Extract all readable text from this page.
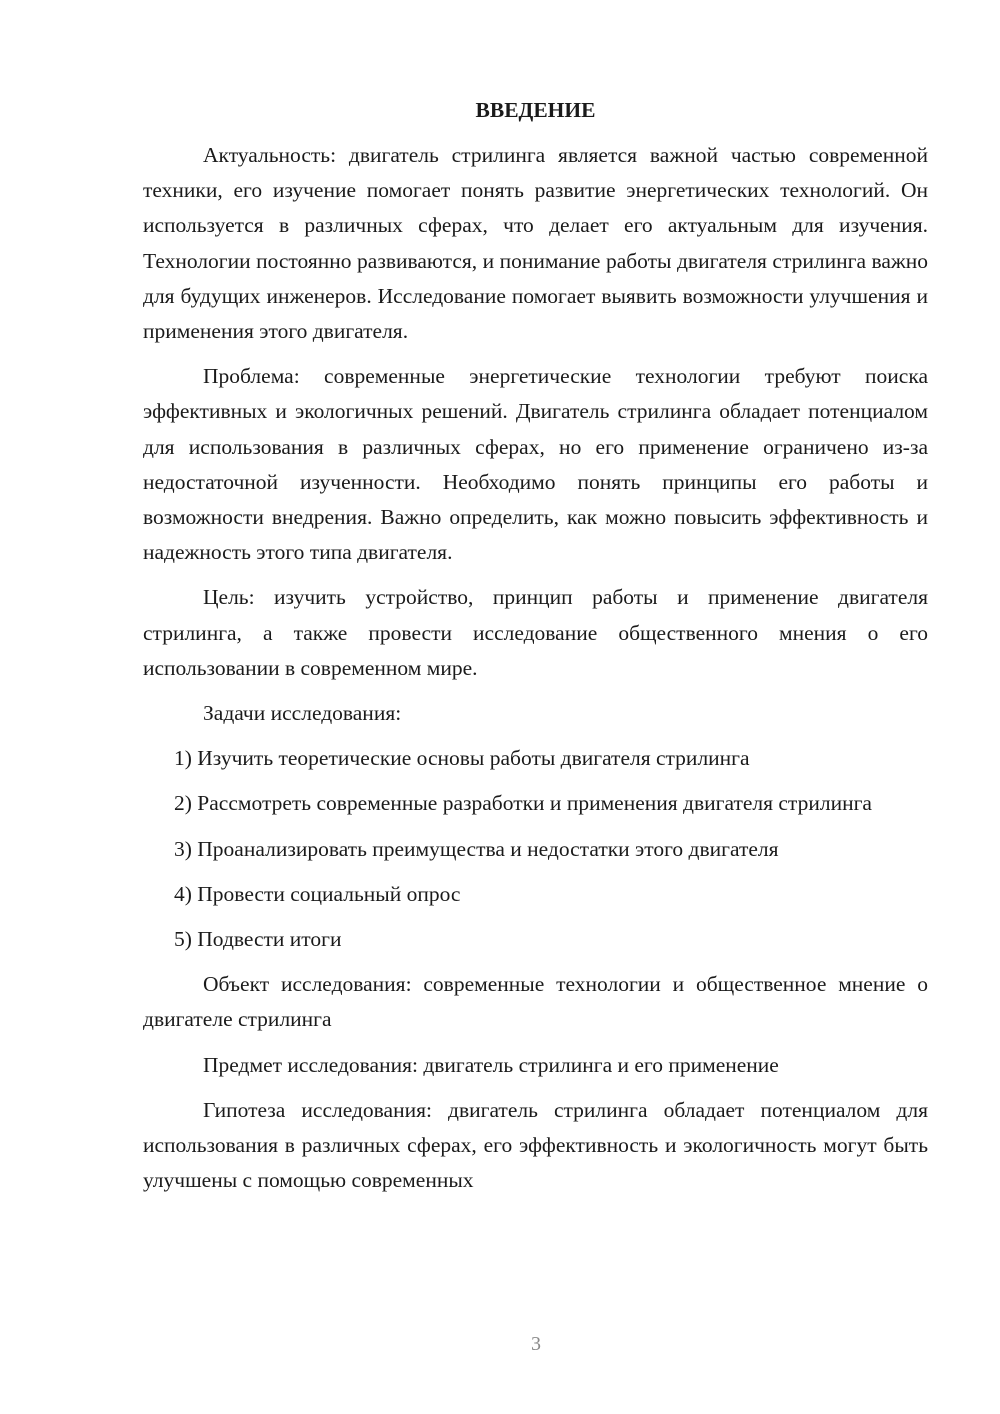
ВВЕДЕНИЕ

Актуальность: двигатель стрилинга является важной частью современной техники, его изучение помогает понять развитие энергетических технологий. Он используется в различных сферах, что делает его актуальным для изучения. Технологии постоянно развиваются, и понимание работы двигателя стрилинга важно для будущих инженеров. Исследование помогает выявить возможности улучшения и применения этого двигателя.

Проблема: современные энергетические технологии требуют поиска эффективных и экологичных решений. Двигатель стрилинга обладает потенциалом для использования в различных сферах, но его применение ограничено из-за недостаточной изученности. Необходимо понять принципы его работы и возможности внедрения. Важно определить, как можно повысить эффективность и надежность этого типа двигателя.

Цель: изучить устройство, принцип работы и применение двигателя стрилинга, а также провести исследование общественного мнения о его использовании в современном мире.

Задачи исследования:

1) Изучить теоретические основы работы двигателя стрилинга

2) Рассмотреть современные разработки и применения двигателя стрилинга

3) Проанализировать преимущества и недостатки этого двигателя

4) Провести социальный опрос

5) Подвести итоги

Объект исследования: современные технологии и общественное мнение о двигателе стрилинга

Предмет исследования: двигатель стрилинга и его применение

Гипотеза исследования: двигатель стрилинга обладает потенциалом для использования в различных сферах, его эффективность и экологичность могут быть улучшены с помощью современных

3
